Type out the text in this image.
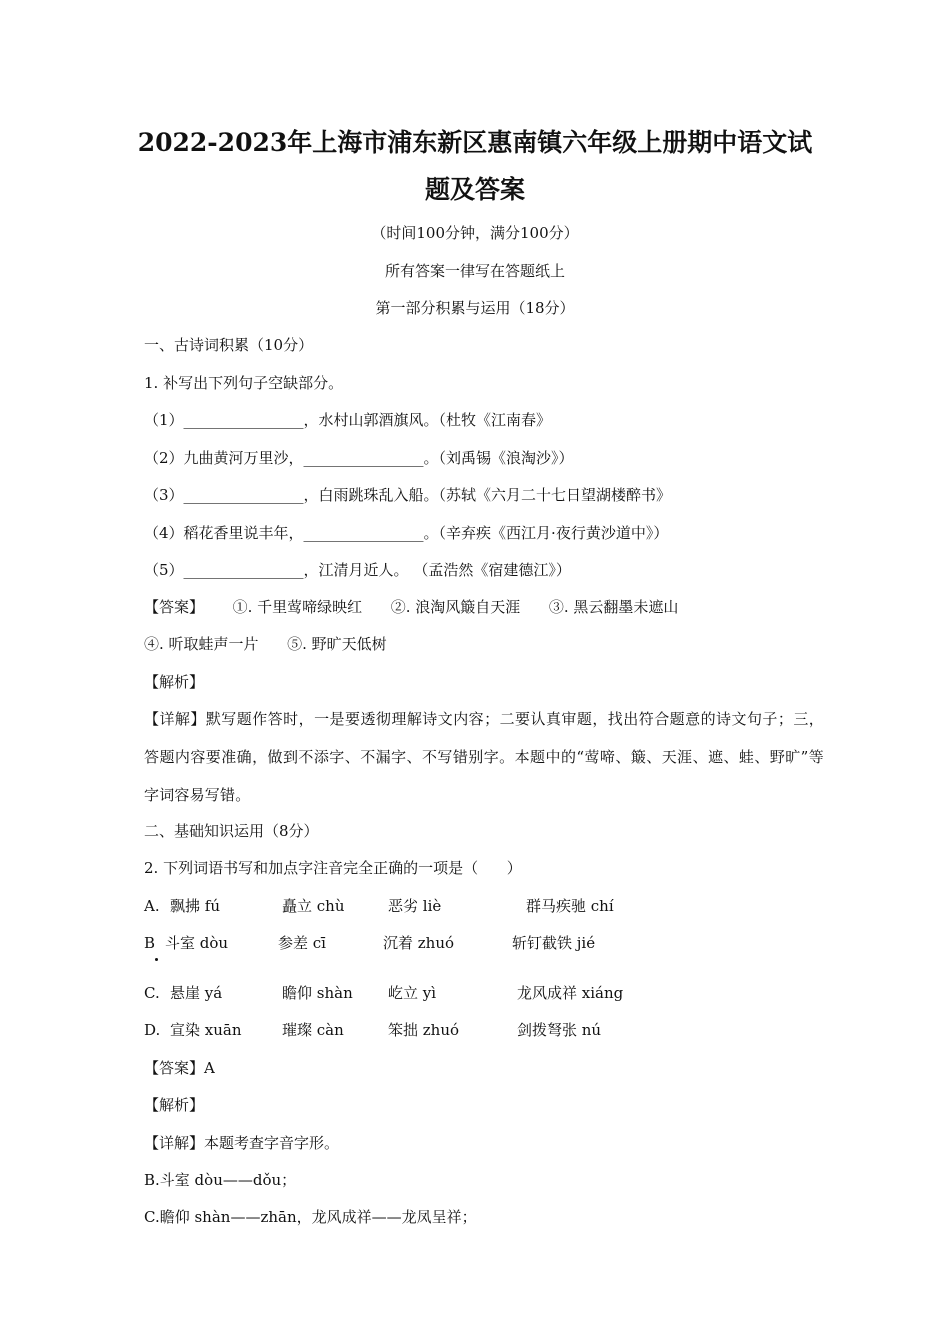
2022-2023年上海市浦东新区惠南镇六年级上册期中语文试
题及答案
（时间100分钟，满分100分）
所有答案一律写在答题纸上
第一部分积累与运用（18分）
一、古诗词积累（10分）
1. 补写出下列句子空缺部分。
（1）________________，水村山郭酒旗风。（杜牧《江南春》
（2）九曲黄河万里沙，________________。（刘禹锡《浪淘沙》）
（3）________________，白雨跳珠乱入船。（苏轼《六月二十七日望湖楼醉书》
（4）稻花香里说丰年，________________。（辛弃疾《西江月·夜行黄沙道中》）
（5）________________，江清月近人。 （孟浩然《宿建德江》）
【答案】      ①. 千里莺啼绿映红      ②. 浪淘风簸自天涯      ③. 黑云翻墨未遮山
④. 听取蛙声一片      ⑤. 野旷天低树
【解析】
【详解】默写题作答时，一是要透彻理解诗文内容；二要认真审题，找出符合题意的诗文句子；三，答题内容要准确，做到不添字、不漏字、不写错别字。本题中的“莺啼、簸、天涯、遮、蛙、野旷”等字词容易写错。
二、基础知识运用（8分）
2. 下列词语书写和加点字注音完全正确的一项是（      ）
A. 飘拂 fú	矗立 chù	恶劣 liè	群马疾驰 chí
B 斗室 dòu	参差 cī	沉着 zhuó	斩钉截铁 jié
C. 悬崖 yá	瞻仰 shàn 屹立 yì	龙风成祥 xiáng
D. 宣染 xuān	璀璨 càn	笨拙 zhuó	剑拨弩张 nú
【答案】A
【解析】
【详解】本题考查字音字形。
B.斗室 dòu——dǒu；
C.瞻仰 shàn——zhān，龙风成祥——龙凤呈祥；
